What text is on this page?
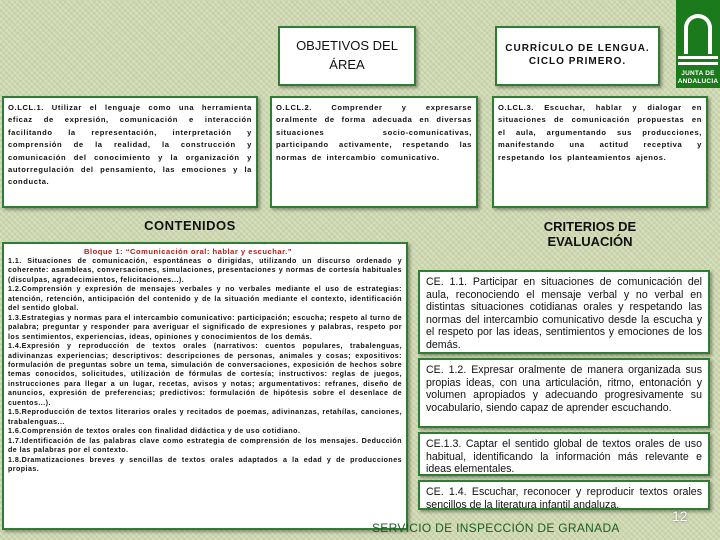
OBJETIVOS DEL
ÁREA
CURRÍCULO DE LENGUA.
CICLO PRIMERO.
JUNTA DE ANDALUCIA
O.LCL.1. Utilizar el lenguaje como una herramienta eficaz de expresión, comunicación e interacción facilitando la representación, interpretación y comprensión de la realidad, la construcción y comunicación del conocimiento y la organización y autorregulación del pensamiento, las emociones y la conducta.
O.LCL.2. Comprender y expresarse oralmente de forma adecuada en diversas situaciones socio-comunicativas, participando activamente, respetando las normas de intercambio comunicativo.
O.LCL.3. Escuchar, hablar y dialogar en situaciones de comunicación propuestas en el aula, argumentando sus producciones, manifestando una actitud receptiva y respetando los planteamientos ajenos.
CONTENIDOS	CRITERIOS DE
EVALUACIÓN
Bloque 1: “Comunicación oral: hablar y escuchar.”
1.1. Situaciones de comunicación, espontáneas o dirigidas, utilizando un discurso ordenado y coherente: asambleas, conversaciones, simulaciones, presentaciones y normas de cortesía habituales (disculpas, agradecimientos, felicitaciones...).
1.2.Comprensión y expresión de mensajes verbales y no verbales mediante el uso de estrategias: atención, retención, anticipación del contenido y de la situación mediante el contexto, identificación del sentido global.
1.3.Estrategias y normas para el intercambio comunicativo: participación; escucha; respeto al turno de palabra; preguntar y responder para averiguar el significado de expresiones y palabras, respeto por los sentimientos, experiencias, ideas, opiniones y conocimientos de los demás.
1.4.Expresión y reproducción de textos orales (narrativos: cuentos populares, trabalenguas, adivinanzas experiencias; descriptivos: descripciones de personas, animales y cosas; expositivos: formulación de preguntas sobre un tema, simulación de conversaciones, exposición de hechos sobre temas conocidos, solicitudes, utilización de fórmulas de cortesía; instructivos: reglas de juegos, instrucciones para llegar a un lugar, recetas, avisos y notas; argumentativos: refranes, diseño de anuncios, expresión de preferencias; predictivos: formulación de hipótesis sobre el desenlace de cuentos...).
1.5.Reproducción de textos literarios orales y recitados de poemas, adivinanzas, retahílas, canciones, trabalenguas...
1.6.Comprensión de textos orales con finalidad didáctica y de uso cotidiano.
1.7.Identificación de las palabras clave como estrategia de comprensión de los mensajes. Deducción de las palabras por el contexto.
1.8.Dramatizaciones breves y sencillas de textos orales adaptados a la edad y de producciones propias.
CE. 1.1. Participar en situaciones de comunicación del aula, reconociendo el mensaje verbal y no verbal en distintas situaciones cotidianas orales y respetando las normas del intercambio comunicativo desde la escucha y el respeto por las ideas, sentimientos y emociones de los demás.
CE. 1.2. Expresar oralmente de manera organizada sus propias ideas, con una articulación, ritmo, entonación y volumen apropiados y adecuando progresivamente su vocabulario, siendo capaz de aprender escuchando.
CE.1.3. Captar el sentido global de textos orales de uso habitual, identificando la información más relevante e ideas elementales.
CE. 1.4. Escuchar, reconocer y reproducir textos orales sencillos de la literatura infantil andaluza.
SERVICIO DE INSPECCIÓN DE GRANADA
12
